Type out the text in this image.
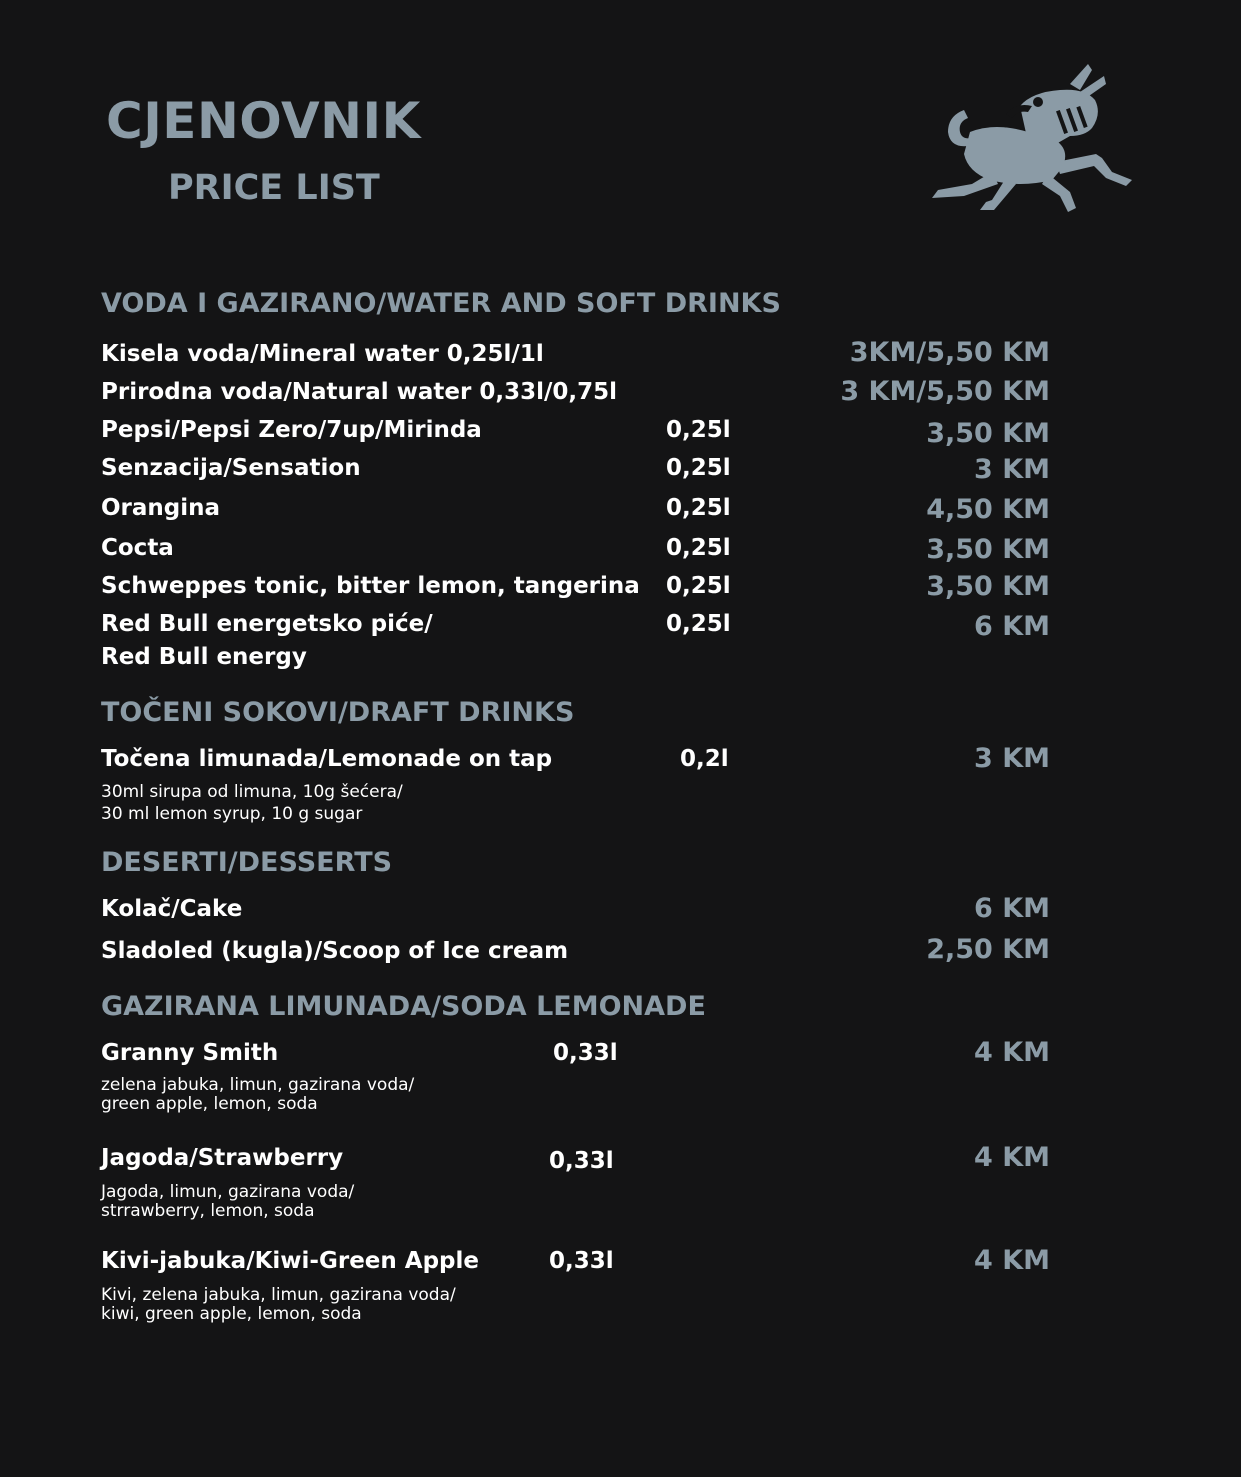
CJENOVNIK
PRICE LIST
VODA I GAZIRANO/WATER AND SOFT DRINKS
Kisela voda/Mineral water 0,25l/1l	3KM/5,50 KM
Prirodna voda/Natural water 0,33l/0,75l	3 KM/5,50 KM
Pepsi/Pepsi Zero/7up/Mirinda	0,25l	3,50 KM
Senzacija/Sensation	0,25l	3 KM
Orangina	0,25l	4,50 KM
Cocta	0,25l	3,50 KM
Schweppes tonic, bitter lemon, tangerina 0,25l	3,50 KM
Red Bull energetsko piće/
Red Bull energy
0,25l	6 KM
TOČENI SOKOVI/DRAFT DRINKS
Točena limunada/Lemonade on tap	0,2l	3 KM
30ml sirupa od limuna, 10g šećera/
30 ml lemon syrup, 10 g sugar
DESERTI/DESSERTS
Kolač/Cake	6 KM
Sladoled (kugla)/Scoop of Ice cream	2,50 KM
GAZIRANA LIMUNADA/SODA LEMONADE
Granny Smith	0,33l	4 KM
zelena jabuka, limun, gazirana voda/
green apple, lemon, soda
Jagoda/Strawberry	0,33l	4 KM
Jagoda, limun, gazirana voda/
strrawberry, lemon, soda
Kivi-jabuka/Kiwi-Green Apple	0,33l	4 KM
Kivi, zelena jabuka, limun, gazirana voda/
kiwi, green apple, lemon, soda
